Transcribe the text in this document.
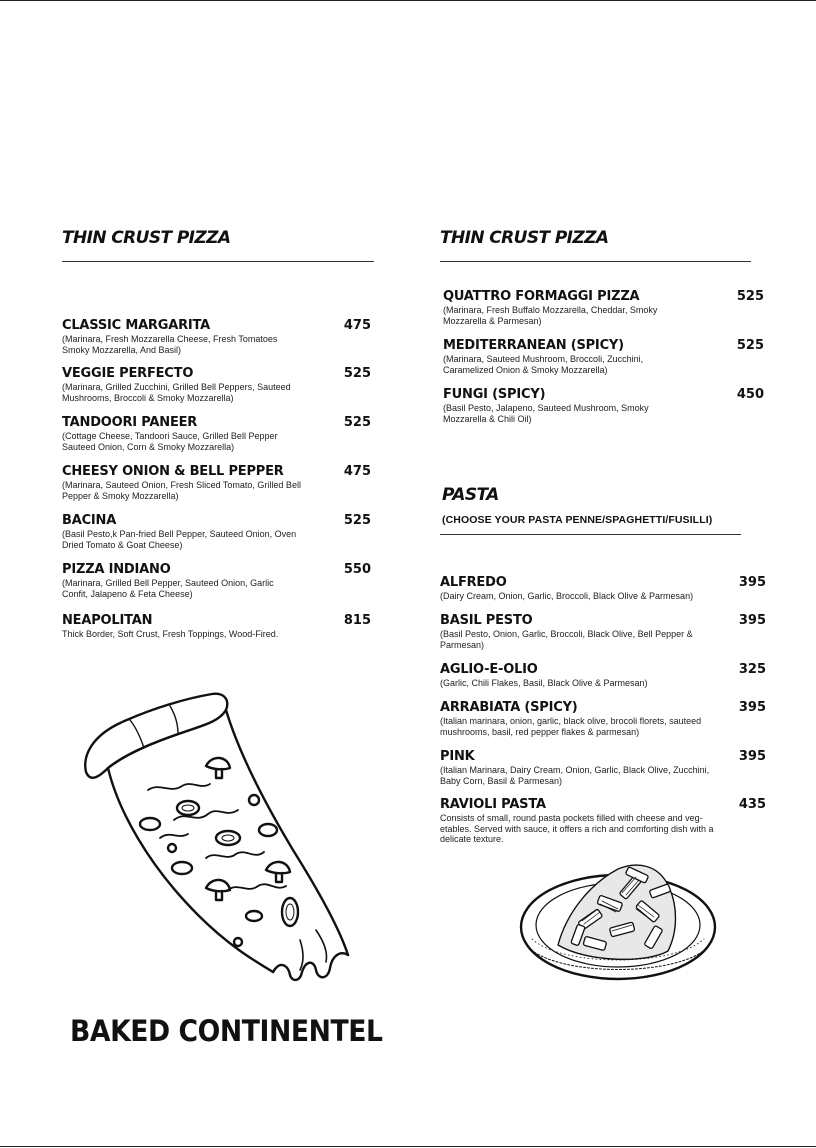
THIN CRUST PIZZA
CLASSIC MARGARITA	475
(Marinara, Fresh Mozzarella Cheese, Fresh Tomatoes Smoky Mozzarella, And Basil)
VEGGIE PERFECTO	525
(Marinara, Grilled Zucchini, Grilled Bell Peppers, Sauteed Mushrooms, Broccoli & Smoky Mozzarella)
TANDOORI PANEER	525
(Cottage Cheese, Tandoori Sauce, Grilled Bell Pepper Sauteed Onion, Corn & Smoky Mozzarella)
CHEESY ONION & BELL PEPPER	475
(Marinara, Sauteed Onion, Fresh Sliced Tomato, Grilled Bell Pepper & Smoky Mozzarella)
BACINA	525
(Basil Pesto,k Pan-fried Bell Pepper, Sauteed Onion, Oven Dried Tomato & Goat Cheese)
PIZZA INDIANO	550
(Marinara, Grilled Bell Pepper, Sauteed Onion, Garlic Confit, Jalapeno & Feta Cheese)
NEAPOLITAN	815
Thick Border, Soft Crust, Fresh Toppings, Wood-Fired.
BAKED CONTINENTEL
THIN CRUST PIZZA
QUATTRO FORMAGGI PIZZA	525
(Marinara, Fresh Buffalo Mozzarella, Cheddar, Smoky Mozzarella & Parmesan)
MEDITERRANEAN (SPICY)	525
(Marinara, Sauteed Mushroom, Broccoli, Zucchini, Caramelized Onion & Smoky Mozzarella)
FUNGI (SPICY)	450
(Basil Pesto, Jalapeno, Sauteed Mushroom, Smoky Mozzarella & Chili Oil)
PASTA

(CHOOSE YOUR PASTA PENNE/SPAGHETTI/FUSILLI)

ALFREDO	395
(Dairy Cream, Onion, Garlic, Broccoli, Black Olive & Parmesan)
BASIL PESTO	395
(Basil Pesto, Onion, Garlic, Broccoli, Black Olive, Bell Pepper & Parmesan)
AGLIO-E-OLIO	325
(Garlic, Chili Flakes, Basil, Black Olive & Parmesan)
ARRABIATA (SPICY)	395
(Italian marinara, onion, garlic, black olive, brocoli florets, sauteed mushrooms, basil, red pepper flakes & parmesan)
PINK	395
(Italian Marinara, Dairy Cream, Onion, Garlic, Black Olive, Zucchini, Baby Corn, Basil & Parmesan)
RAVIOLI PASTA	435
Consists of small, round pasta pockets filled with cheese and veg- etables. Served with sauce, it offers a rich and comforting dish with a delicate texture.
